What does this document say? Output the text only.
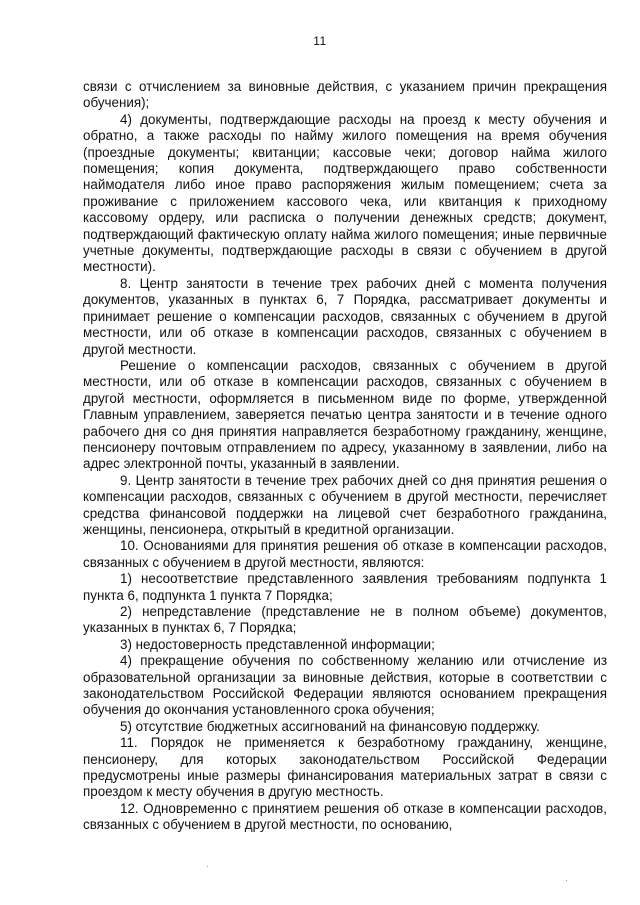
11

связи с отчислением за виновные действия, с указанием причин прекращения обучения);

4) документы, подтверждающие расходы на проезд к месту обучения и обратно, а также расходы по найму жилого помещения на время обучения (проездные документы; квитанции; кассовые чеки; договор найма жилого помещения; копия документа, подтверждающего право собственности наймодателя либо иное право распоряжения жилым помещением; счета за проживание с приложением кассового чека, или квитанция к приходному кассовому ордеру, или расписка о получении денежных средств; документ, подтверждающий фактическую оплату найма жилого помещения; иные первичные учетные документы, подтверждающие расходы в связи с обучением в другой местности).

8. Центр занятости в течение трех рабочих дней с момента получения документов, указанных в пунктах 6, 7 Порядка, рассматривает документы и принимает решение о компенсации расходов, связанных с обучением в другой местности, или об отказе в компенсации расходов, связанных с обучением в другой местности.

Решение о компенсации расходов, связанных с обучением в другой местности, или об отказе в компенсации расходов, связанных с обучением в другой местности, оформляется в письменном виде по форме, утвержденной Главным управлением, заверяется печатью центра занятости и в течение одного рабочего дня со дня принятия направляется безработному гражданину, женщине, пенсионеру почтовым отправлением по адресу, указанному в заявлении, либо на адрес электронной почты, указанный в заявлении.

9. Центр занятости в течение трех рабочих дней со дня принятия решения о компенсации расходов, связанных с обучением в другой местности, перечисляет средства финансовой поддержки на лицевой счет безработного гражданина, женщины, пенсионера, открытый в кредитной организации.

10. Основаниями для принятия решения об отказе в компенсации расходов, связанных с обучением в другой местности, являются:

1) несоответствие представленного заявления требованиям подпункта 1 пункта 6, подпункта 1 пункта 7 Порядка;

2) непредставление (представление не в полном объеме) документов, указанных в пунктах 6, 7 Порядка;

3) недостоверность представленной информации;

4) прекращение обучения по собственному желанию или отчисление из образовательной организации за виновные действия, которые в соответствии с законодательством Российской Федерации являются основанием прекращения обучения до окончания установленного срока обучения;

5) отсутствие бюджетных ассигнований на финансовую поддержку.

11. Порядок не применяется к безработному гражданину, женщине, пенсионеру, для которых законодательством Российской Федерации предусмотрены иные размеры финансирования материальных затрат в связи с проездом к месту обучения в другую местность.

12. Одновременно с принятием решения об отказе в компенсации расходов, связанных с обучением в другой местности, по основанию,
